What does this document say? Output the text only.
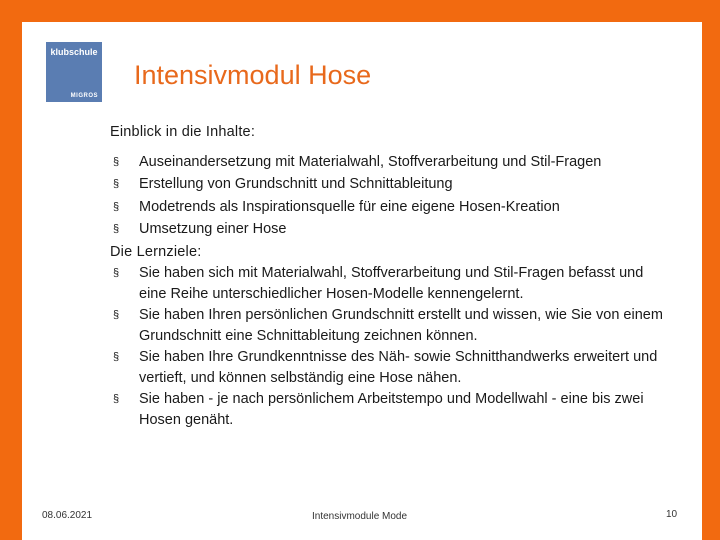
klubschule
MIGROS
Intensivmodul Hose
Einblick in die Inhalte:
§ Auseinandersetzung mit Materialwahl, Stoffverarbeitung und Stil-Fragen
§ Erstellung von Grundschnitt und Schnittableitung
§ Modetrends als Inspirationsquelle für eine eigene Hosen-Kreation
§ Umsetzung einer Hose
Die Lernziele:
§ Sie haben sich mit Materialwahl, Stoffverarbeitung und Stil-Fragen befasst und eine Reihe unterschiedlicher Hosen-Modelle kennengelernt.
§ Sie haben Ihren persönlichen Grundschnitt erstellt und wissen, wie Sie von einem Grundschnitt eine Schnittableitung zeichnen können.
§ Sie haben Ihre Grundkenntnisse des Näh- sowie Schnitthandwerks erweitert und vertieft, und können selbständig eine Hose nähen.
§ Sie haben - je nach persönlichem Arbeitstempo und Modellwahl - eine bis zwei Hosen genäht.
08.06.2021	Intensivmodule Mode	10
